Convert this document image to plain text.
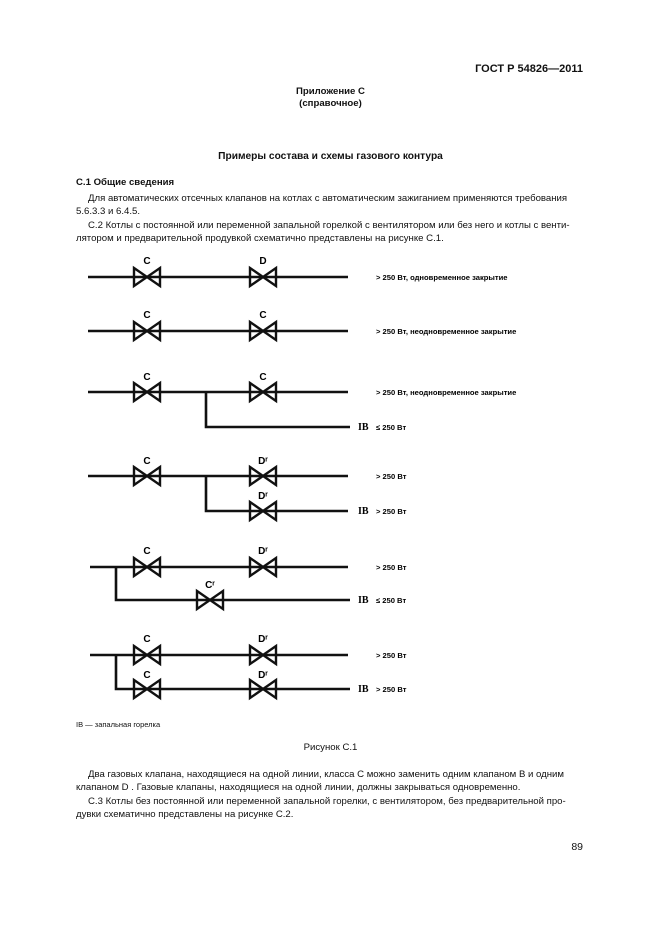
ГОСТ Р 54826—2011
Приложение С
(справочное)
Примеры состава и схемы газового контура
С.1 Общие сведения
Для автоматических отсечных клапанов на котлах с автоматическим зажиганием применяются требования
5.6.3.3 и 6.4.5.
С.2 Котлы с постоянной или переменной запальной горелкой с вентилятором или без него и котлы с венти-
лятором и предварительной продувкой схематично представлены на рисунке С.1.
C	D
C	C
C	C
C	Dʳ
Dʳ
C	Dʳ
Cʳ
C	Dʳ
C	Dʳ
> 250 Вт, одновременное закрытие
> 250 Вт, неодновременное закрытие
> 250 Вт, неодновременное закрытие
IB ≤ 250 Вт
> 250 Вт
IB > 250 Вт
> 250 Вт
IB ≤ 250 Вт
> 250 Вт
IB > 250 Вт
IB — запальная горелка
Рисунок С.1
Два газовых клапана, находящиеся на одной линии, класса С можно заменить одним клапаном В и одним
клапаном D . Газовые клапаны, находящиеся на одной линии, должны закрываться одновременно.
С.3 Котлы без постоянной или переменной запальной горелки, с вентилятором, без предварительной про-
дувки схематично представлены на рисунке С.2.
89
